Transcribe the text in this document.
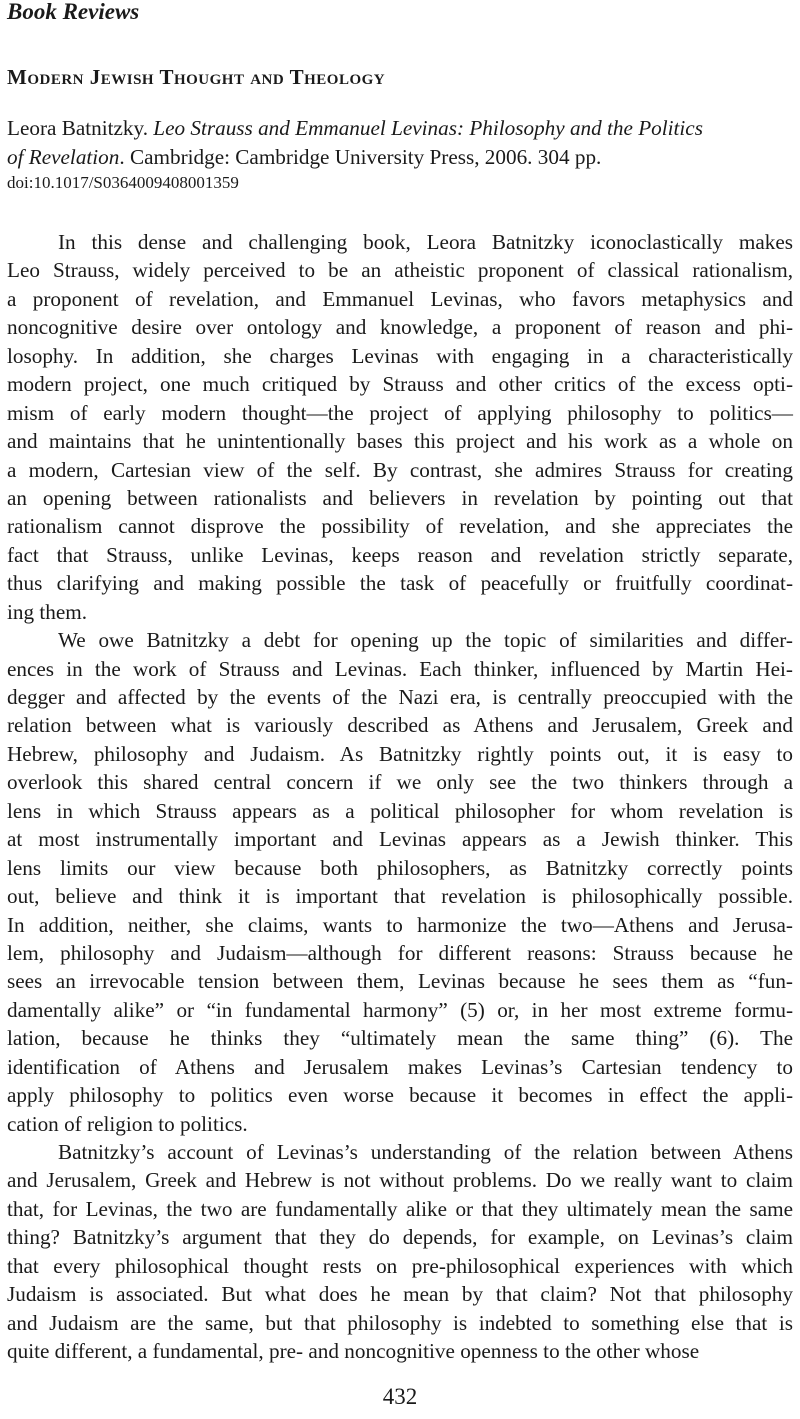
Book Reviews
Modern Jewish Thought and Theology

Leora Batnitzky. Leo Strauss and Emmanuel Levinas: Philosophy and the Politics
of Revelation. Cambridge: Cambridge University Press, 2006. 304 pp.
doi:10.1017/S0364009408001359

In this dense and challenging book, Leora Batnitzky iconoclastically makes
Leo Strauss, widely perceived to be an atheistic proponent of classical rationalism,
a proponent of revelation, and Emmanuel Levinas, who favors metaphysics and
noncognitive desire over ontology and knowledge, a proponent of reason and phi-
losophy. In addition, she charges Levinas with engaging in a characteristically
modern project, one much critiqued by Strauss and other critics of the excess opti-
mism of early modern thought—the project of applying philosophy to politics—
and maintains that he unintentionally bases this project and his work as a whole on
a modern, Cartesian view of the self. By contrast, she admires Strauss for creating
an opening between rationalists and believers in revelation by pointing out that
rationalism cannot disprove the possibility of revelation, and she appreciates the
fact that Strauss, unlike Levinas, keeps reason and revelation strictly separate,
thus clarifying and making possible the task of peacefully or fruitfully coordinat-
ing them.

We owe Batnitzky a debt for opening up the topic of similarities and differ-
ences in the work of Strauss and Levinas. Each thinker, influenced by Martin Hei-
degger and affected by the events of the Nazi era, is centrally preoccupied with the
relation between what is variously described as Athens and Jerusalem, Greek and
Hebrew, philosophy and Judaism. As Batnitzky rightly points out, it is easy to
overlook this shared central concern if we only see the two thinkers through a
lens in which Strauss appears as a political philosopher for whom revelation is
at most instrumentally important and Levinas appears as a Jewish thinker. This
lens limits our view because both philosophers, as Batnitzky correctly points
out, believe and think it is important that revelation is philosophically possible.
In addition, neither, she claims, wants to harmonize the two—Athens and Jerusa-
lem, philosophy and Judaism—although for different reasons: Strauss because he
sees an irrevocable tension between them, Levinas because he sees them as “fun-
damentally alike” or “in fundamental harmony” (5) or, in her most extreme formu-
lation, because he thinks they “ultimately mean the same thing” (6). The
identification of Athens and Jerusalem makes Levinas’s Cartesian tendency to
apply philosophy to politics even worse because it becomes in effect the appli-
cation of religion to politics.

Batnitzky’s account of Levinas’s understanding of the relation between Athens
and Jerusalem, Greek and Hebrew is not without problems. Do we really want to claim
that, for Levinas, the two are fundamentally alike or that they ultimately mean the same
thing? Batnitzky’s argument that they do depends, for example, on Levinas’s claim
that every philosophical thought rests on pre-philosophical experiences with which
Judaism is associated. But what does he mean by that claim? Not that philosophy
and Judaism are the same, but that philosophy is indebted to something else that is
quite different, a fundamental, pre- and noncognitive openness to the other whose

432
